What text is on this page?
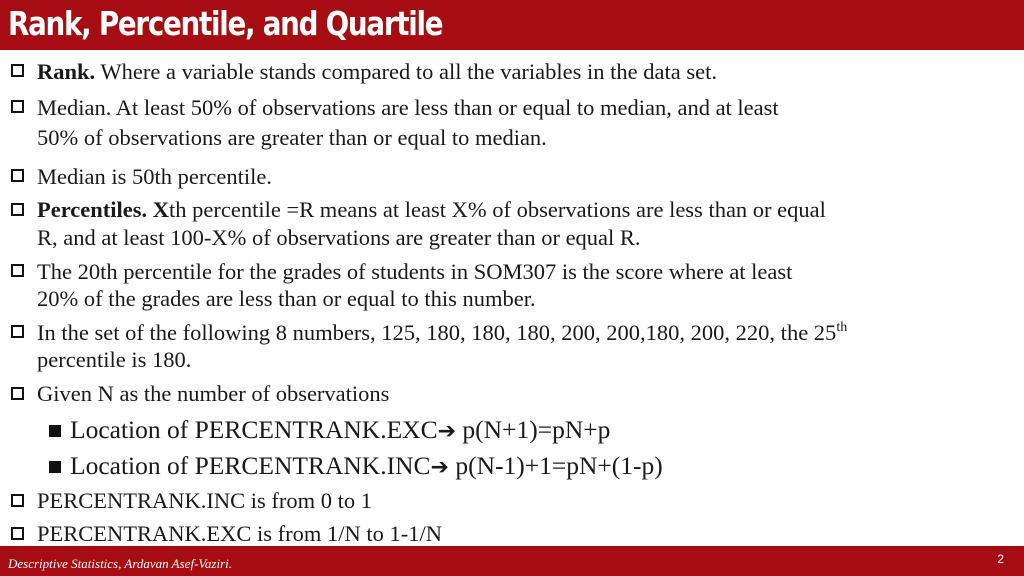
Rank, Percentile, and Quartile
Rank. Where a variable stands compared to all the variables in the data set.
Median. At least 50% of observations are less than or equal to median, and at least
50% of observations are greater than or equal to median.
Median is 50th percentile.
Percentiles. Xth percentile =R means at least X% of observations are less than or equal
R, and at least 100-X% of observations are greater than or equal R.
The 20th percentile for the grades of students in SOM307 is the score where at least
20% of the grades are less than or equal to this number.
In the set of the following 8 numbers, 125, 180, 180, 180, 200, 200,180, 200, 220, the 25th
percentile is 180.
Given N as the number of observations
Location of PERCENTRANK.EXC➔ p(N+1)=pN+p
Location of PERCENTRANK.INC➔ p(N-1)+1=pN+(1-p)
PERCENTRANK.INC is from 0 to 1
PERCENTRANK.EXC is from 1/N to 1-1/N
Descriptive Statistics, Ardavan Asef-Vaziri.	2
